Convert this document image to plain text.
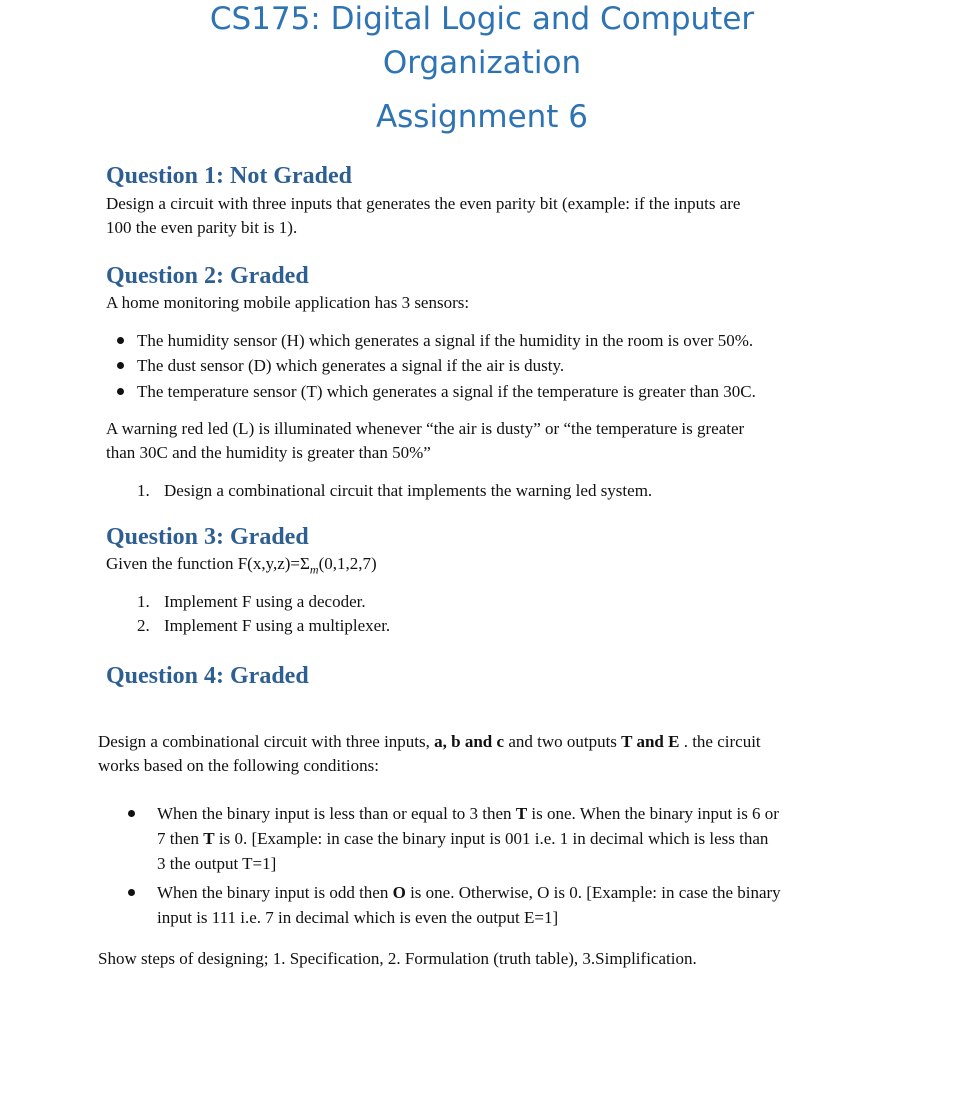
CS175: Digital Logic and Computer
Organization
Assignment 6
Question 1: Not Graded
Design a circuit with three inputs that generates the even parity bit (example: if the inputs are
100 the even parity bit is 1).
Question 2: Graded
A home monitoring mobile application has 3 sensors:
The humidity sensor (H) which generates a signal if the humidity in the room is over 50%.
The dust sensor (D) which generates a signal if the air is dusty.
The temperature sensor (T) which generates a signal if the temperature is greater than 30C.
A warning red led (L) is illuminated whenever “the air is dusty” or “the temperature is greater
than 30C and the humidity is greater than 50%”
1. Design a combinational circuit that implements the warning led system.
Question 3: Graded
Given the function $F(x,y,z)=\Sigma_m(0,1,2,7)$
1. Implement F using a decoder.
2. Implement F using a multiplexer.
Question 4: Graded
Design a combinational circuit with three inputs, a, b and c and two outputs T and E . the circuit
works based on the following conditions:
When the binary input is less than or equal to 3 then T is one. When the binary input is 6 or
7 then T is 0. [Example: in case the binary input is 001 i.e. 1 in decimal which is less than
3 the output T=1]
When the binary input is odd then O is one. Otherwise, O is 0. [Example: in case the binary
input is 111 i.e. 7 in decimal which is even the output E=1]
Show steps of designing; 1. Specification, 2. Formulation (truth table), 3.Simplification.
